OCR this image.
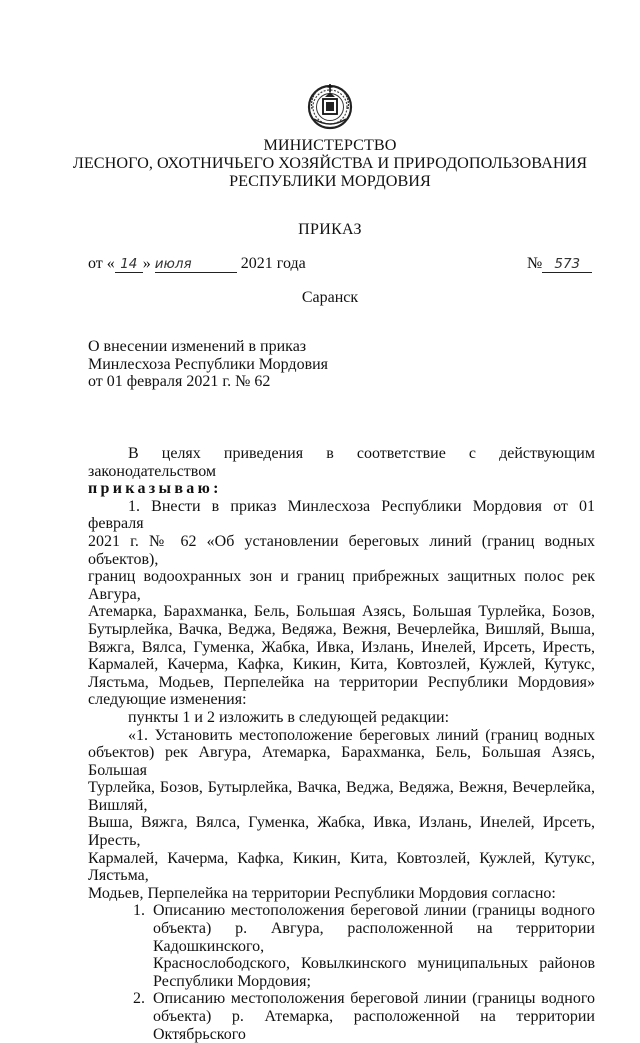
МИНИСТЕРСТВО
ЛЕСНОГО, ОХОТНИЧЬЕГО ХОЗЯЙСТВА И ПРИРОДОПОЛЬЗОВАНИЯ
РЕСПУБЛИКИ МОРДОВИЯ
ПРИКАЗ
от « 14 » июля	2021 года	№ 573
Саранск
О внесении изменений в приказ
Минлесхоза Республики Мордовия
от 01 февраля 2021 г. № 62

В целях приведения в соответствие с действующим законодательством

приказываю:

1. Внести в приказ Минлесхоза Республики Мордовия от 01 февраля

2021 г. № 62 «Об установлении береговых линий (границ водных объектов),

границ водоохранных зон и границ прибрежных защитных полос рек Авгура,

Атемарка, Барахманка, Бель, Большая Азясь, Большая Турлейка, Бозов,

Бутырлейка, Вачка, Веджа, Ведяжа, Вежня, Вечерлейка, Вишляй, Выша,

Вяжга, Вялса, Гуменка, Жабка, Ивка, Излань, Инелей, Ирсеть, Иресть,

Кармалей, Качерма, Кафка, Кикин, Кита, Ковтозлей, Кужлей, Кутукс,

Лястьма, Модьев, Перпелейка на территории Республики Мордовия»

следующие изменения:

пункты 1 и 2 изложить в следующей редакции:

«1. Установить местоположение береговых линий (границ водных

объектов) рек Авгура, Атемарка, Барахманка, Бель, Большая Азясь, Большая

Турлейка, Бозов, Бутырлейка, Вачка, Веджа, Ведяжа, Вежня, Вечерлейка, Вишляй,

Выша, Вяжга, Вялса, Гуменка, Жабка, Ивка, Излань, Инелей, Ирсеть, Иресть,

Кармалей, Качерма, Кафка, Кикин, Кита, Ковтозлей, Кужлей, Кутукс, Лястьма,

Модьев, Перпелейка на территории Республики Мордовия согласно:

1. Описанию местоположения береговой линии (границы водного

объекта) р. Авгура, расположенной на территории Кадошкинского,

Краснослободского, Ковылкинского муниципальных районов

Республики Мордовия;

2. Описанию местоположения береговой линии (границы водного

объекта) р. Атемарка, расположенной на территории Октябрьского
